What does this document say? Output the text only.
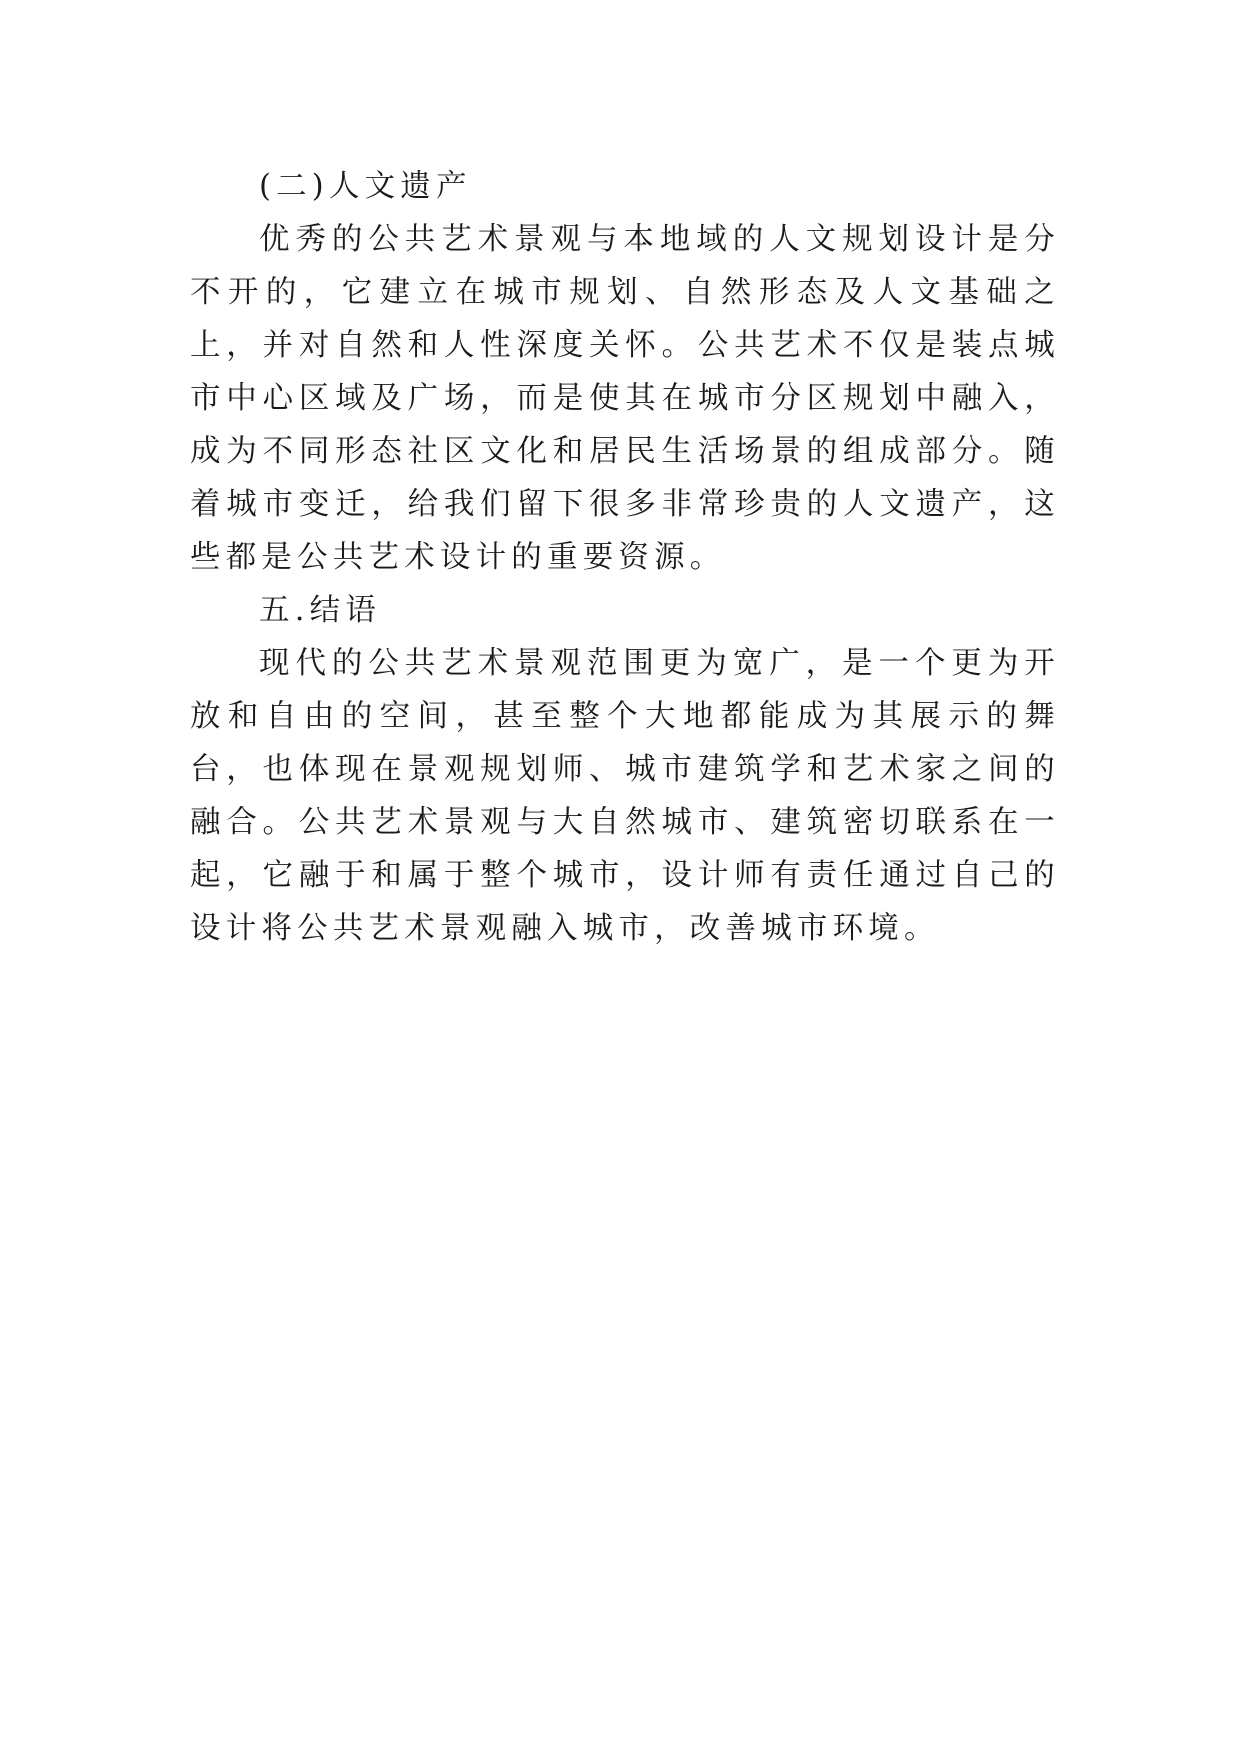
(二)人文遗产

优秀的公共艺术景观与本地域的人文规划设计是分不开的，它建立在城市规划、自然形态及人文基础之上，并对自然和人性深度关怀。公共艺术不仅是装点城市中心区域及广场，而是使其在城市分区规划中融入，成为不同形态社区文化和居民生活场景的组成部分。随着城市变迁，给我们留下很多非常珍贵的人文遗产，这些都是公共艺术设计的重要资源。

五.结语

现代的公共艺术景观范围更为宽广，是一个更为开放和自由的空间，甚至整个大地都能成为其展示的舞台，也体现在景观规划师、城市建筑学和艺术家之间的融合。公共艺术景观与大自然城市、建筑密切联系在一起，它融于和属于整个城市，设计师有责任通过自己的设计将公共艺术景观融入城市，改善城市环境。
